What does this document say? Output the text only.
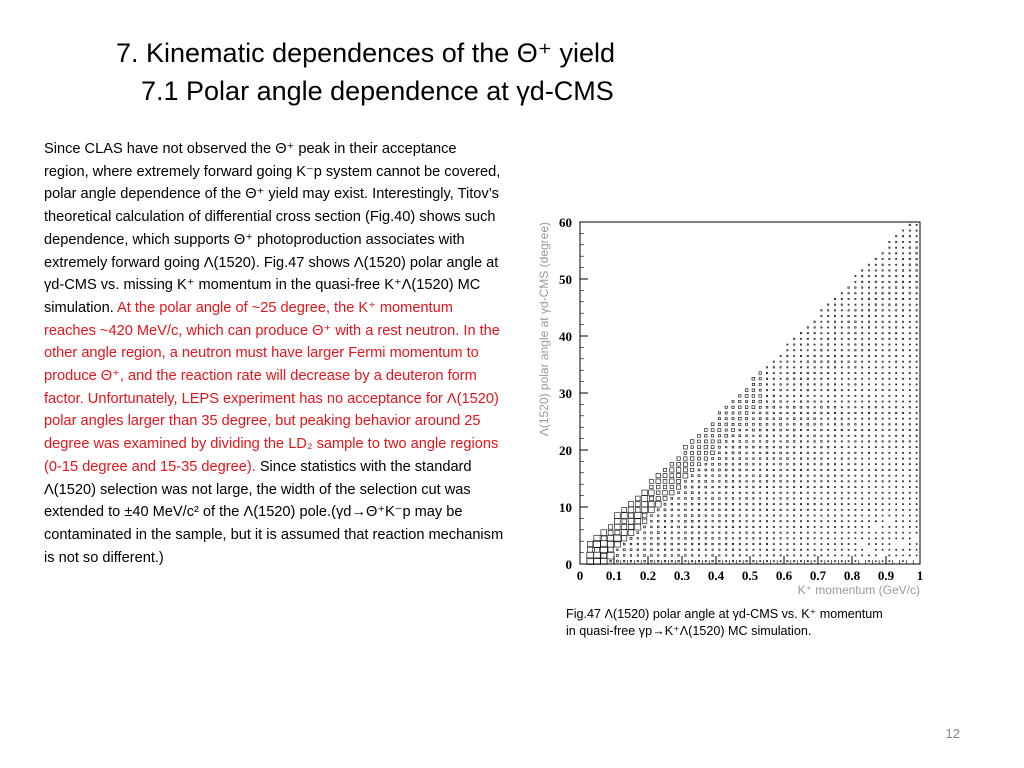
7. Kinematic dependences of the Θ⁺ yield
7.1 Polar angle dependence at γd-CMS
Since CLAS have not observed the Θ⁺ peak in their acceptance region, where extremely forward going K⁻p system cannot be covered, polar angle dependence of the Θ⁺ yield may exist. Interestingly, Titov’s theoretical calculation of differential cross section (Fig.40) shows such dependence, which supports Θ⁺ photoproduction associates with extremely forward going Λ(1520). Fig.47 shows Λ(1520) polar angle at γd-CMS vs. missing K⁺ momentum in the quasi-free K⁺Λ(1520) MC simulation. At the polar angle of ~25 degree, the K⁺ momentum reaches ~420 MeV/c, which can produce Θ⁺ with a rest neutron. In the other angle region, a neutron must have larger Fermi momentum to produce Θ⁺, and the reaction rate will decrease by a deuteron form factor. Unfortunately, LEPS experiment has no acceptance for Λ(1520) polar angles larger than 35 degree, but peaking behavior around 25 degree was examined by dividing the LD₂ sample to two angle regions (0-15 degree and 15-35 degree). Since statistics with the standard Λ(1520) selection was not large, the width of the selection cut was extended to ±40 MeV/c² of the Λ(1520) pole.(γd→Θ⁺K⁻p may be contaminated in the sample, but it is assumed that reaction mechanism is not so different.)
0 0.1 0.2 0.3 0.4 0.5 0.6 0.7 0.8 0.9 1
0
10
20
30
40
50
60
K⁺ momentum (GeV/c)
Λ(1520) polar angle at γd-CMS (degree)
Fig.47 Λ(1520) polar angle at γd-CMS vs. K⁺ momentum
in quasi-free γp→K⁺Λ(1520) MC simulation.
12
